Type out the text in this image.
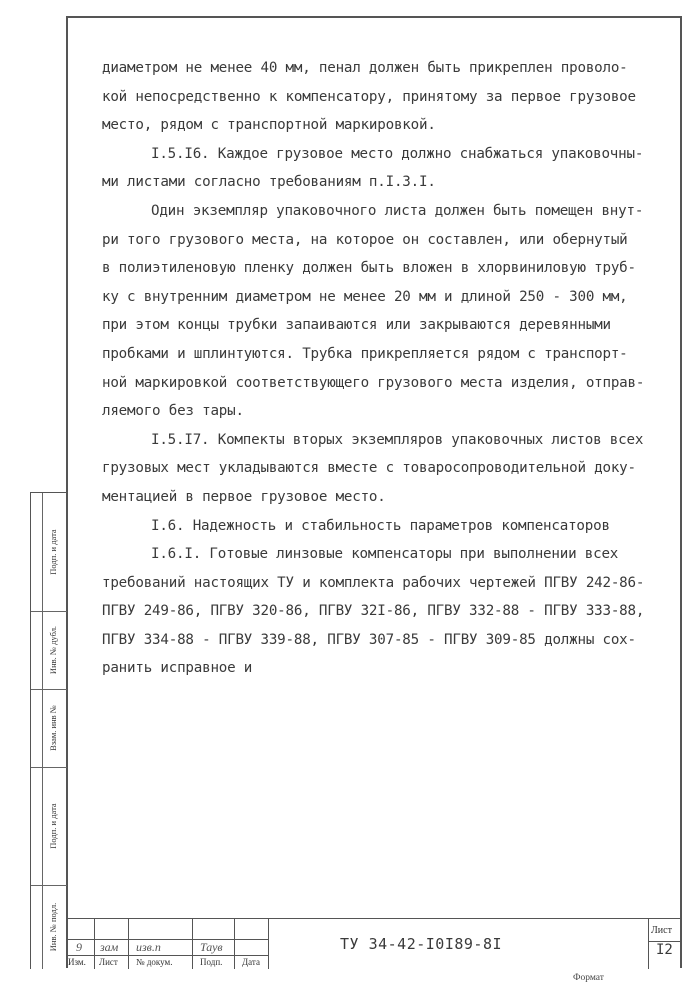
диаметром не менее 40 мм, пенал должен быть прикреплен проволо-
кой непосредственно к компенсатору, принятому за первое грузовое
место, рядом с транспортной маркировкой.
I.5.I6. Каждое грузовое место должно снабжаться упаковочны-
ми листами согласно требованиям п.I.3.I.
Один экземпляр упаковочного листа должен быть помещен внут-
ри того грузового места, на которое он составлен, или обернутый
в полиэтиленовую пленку должен быть вложен в хлорвиниловую труб-
ку с внутренним диаметром не менее 20 мм и длиной 250 - 300 мм,
при этом концы трубки запаиваются или закрываются деревянными
пробками и шплинтуются. Трубка прикрепляется рядом с транспорт-
ной маркировкой соответствующего грузового места изделия, отправ-
ляемого без тары.
I.5.I7. Компекты вторых экземпляров упаковочных листов всех
грузовых мест укладываются вместе с товаросопроводительной доку-
ментацией в первое грузовое место.
I.6. Надежность и стабильность параметров компенсаторов
I.6.I. Готовые линзовые компенсаторы при выполнении всех
требований настоящих ТУ и комплекта рабочих чертежей ПГВУ 242-86-
ПГВУ 249-86, ПГВУ 320-86, ПГВУ 32I-86, ПГВУ 332-88 - ПГВУ 333-88,
ПГВУ 334-88 - ПГВУ 339-88, ПГВУ 307-85 - ПГВУ 309-85 должны сох-
ранить исправное и
Подп. и дата
Инв. № дубл.
Взам. инв №
Подп. и дата
Инв. № подл. 9 зам изв.п	Таув
Изм. Лист № докум.	Подп. Дата
ТУ 34-42-I0I89-8I
Лист
I2
Формат
